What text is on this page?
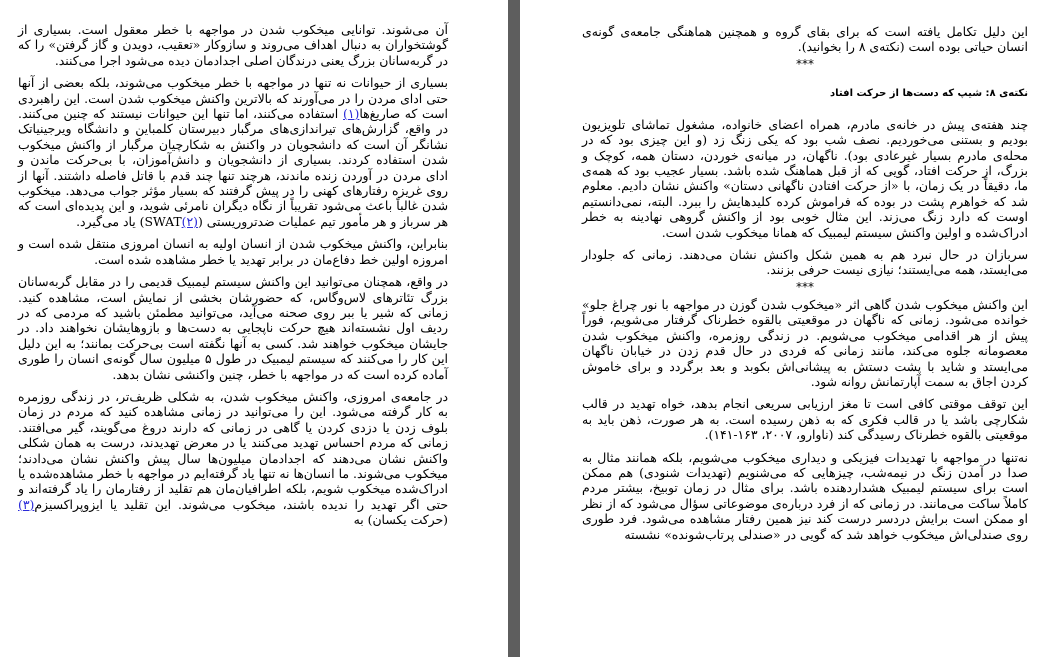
آن می‌شوند. توانایی میخکوب شدن در مواجهه با خطر معقول است. بسیاری از گوشتخواران به دنبال اهداف می‌روند و سازوکار «تعقیب، دویدن و گاز گرفتن» را که در گربه‌سانان بزرگ یعنی درندگان اصلی اجدادمان دیده می‌شود اجرا می‌کنند.

بسیاری از حیوانات نه تنها در مواجهه با خطر میخکوب می‌شوند، بلکه بعضی از آنها حتی ادای مردن را در می‌آورند که بالاترین واکنش میخکوب شدن است. این راهبردی است که صاریغ‌ها(۱) استفاده می‌کنند، اما تنها این حیوانات نیستند که چنین می‌کنند. در واقع، گزارش‌های تیراندازی‌های مرگبار دبیرستان کلمباین و دانشگاه ویرجینیاتک نشانگر آن است که دانشجویان در واکنش به شکارچیان مرگبار از واکنش میخکوب شدن استفاده کردند. بسیاری از دانشجویان و دانش‌آموزان، با بی‌حرکت ماندن و ادای مردن در آوردن زنده ماندند، هرچند تنها چند قدم با قاتل فاصله داشتند. آنها از روی غریزه رفتارهای کهنی را در پیش گرفتند که بسیار مؤثر جواب می‌دهد. میخکوب شدن غالباً باعث می‌شود تقریباً از نگاه دیگران نامرئی شوید، و این پدیده‌ای است که هر سرباز و هر مأمور تیم عملیات ضدتروریستی (SWAT(۲)) یاد می‌گیرد.

بنابراین، واکنش میخکوب شدن از انسان اولیه به انسان امروزی منتقل شده است و امروزه اولین خط دفاع‌مان در برابر تهدید یا خطر مشاهده شده است.

در واقع، همچنان می‌توانید این واکنش سیستم لیمبیک قدیمی را در مقابل گربه‌سانان بزرگ تئاترهای لاس‌وگاس، که حضورشان بخشی از نمایش است، مشاهده کنید. زمانی که شیر یا ببر روی صحنه می‌آید، می‌توانید مطمئن باشید که مردمی که در ردیف اول نشسته‌اند هیچ حرکت ناپجایی به دست‌ها و بازوهایشان نخواهند داد. در جایشان میخکوب خواهند شد. کسی به آنها نگفته است بی‌حرکت بمانند؛ به این دلیل این کار را می‌کنند که سیستم لیمبیک در طول ۵ میلیون سال گونه‌ی انسان را طوری آماده کرده است که در مواجهه با خطر، چنین واکنشی نشان بدهد.

در جامعه‌ی امروزی، واکنش میخکوب شدن، به شکلی ظریف‌تر، در زندگی روزمره به کار گرفته می‌شود. این را می‌توانید در زمانی مشاهده کنید که مردم در زمان بلوف زدن یا دزدی کردن یا گاهی در زمانی که دارند دروغ می‌گویند، گیر می‌افتند. زمانی که مردم احساس تهدید می‌کنند یا در معرض تهدیدند، درست به همان شکلی واکنش نشان می‌دهند که اجدادمان میلیون‌ها سال پیش واکنش نشان می‌دادند؛ میخکوب می‌شوند. ما انسان‌ها نه تنها یاد گرفته‌ایم در مواجهه با خطر مشاهده‌شده یا ادراک‌شده میخکوب شویم، بلکه اطرافیان‌مان هم تقلید از رفتارمان را یاد گرفته‌اند و حتی اگر تهدید را ندیده باشند، میخکوب می‌شوند. این تقلید یا ایزوپراکسیزم(۳) (حرکت یکسان) به

این دلیل تکامل یافته است که برای بقای گروه و همچنین هماهنگی جامعه‌ی گونه‌ی انسان حیاتی بوده است (نکته‌ی ۸ را بخوانید).

***
نکته‌ی ۸: شیپ که دست‌ها از حرکت افتاد

چند هفته‌ی پیش در خانه‌ی مادرم، همراه اعضای خانواده، مشغول تماشای تلویزیون بودیم و بستنی می‌خوردیم. نصف شب بود که یکی زنگ زد (و این چیزی بود که در محله‌ی مادرم بسیار غیرعادی بود). ناگهان، در میانه‌ی خوردن، دستان همه، کوچک و بزرگ، از حرکت افتاد، گویی که از قبل هماهنگ شده باشد. بسیار عجیب بود که همه‌ی ما، دقیقاً در یک زمان، با «از حرکت افتادن ناگهانی دستان» واکنش نشان دادیم. معلوم شد که خواهرم پشت در بوده که فراموش کرده کلیدهایش را ببرد. البته، نمی‌دانستیم اوست که دارد زنگ می‌زند. این مثال خوبی بود از واکنش گروهی نهادینه به خطر ادراک‌شده و اولین واکنش سیستم لیمبیک که همانا میخکوب شدن است.

سربازان در حال نبرد هم به همین شکل واکنش نشان می‌دهند. زمانی که جلودار می‌ایستد، همه می‌ایستند؛ نیازی نیست حرفی بزنند.

***

این واکنش میخکوب شدن گاهی اثر «میخکوب شدن گوزن در مواجهه با نور چراغ جلو» خوانده می‌شود. زمانی که ناگهان در موقعیتی بالقوه خطرناک گرفتار می‌شویم، فوراً پیش از هر اقدامی میخکوب می‌شویم. در زندگی روزمره، واکنش میخکوب شدن معصومانه جلوه می‌کند، مانند زمانی که فردی در حال قدم زدن در خیابان ناگهان می‌ایستد و شاید با پشت دستش به پیشانی‌اش بکوبد و بعد برگردد و برای خاموش کردن اجاق به سمت آپارتمانش روانه شود.

این توقف موقتی کافی است تا مغز ارزیابی سریعی انجام بدهد، خواه تهدید در قالب شکارچی باشد یا در قالب فکری که به ذهن رسیده است. به هر صورت، ذهن باید به موقعیتی بالقوه خطرناک رسیدگی کند (ناوارو، ۲۰۰۷، ۱۶۳-۱۴۱).

نه‌تنها در مواجهه با تهدیدات فیزیکی و دیداری میخکوب می‌شویم، بلکه همانند مثال به صدا در آمدن زنگ در نیمه‌شب، چیزهایی که می‌شنویم (تهدیدات شنودی) هم ممکن است برای سیستم لیمبیک هشداردهنده باشد. برای مثال در زمان توبیخ، بیشتر مردم کاملاً ساکت می‌مانند. در زمانی که از فرد درباره‌ی موضوعاتی سؤال می‌شود که از نظر او ممکن است برایش دردسر درست کند نیز همین رفتار مشاهده می‌شود. فرد طوری روی صندلی‌اش میخکوب خواهد شد که گویی در «صندلی پرتاب‌شونده» نشسته
